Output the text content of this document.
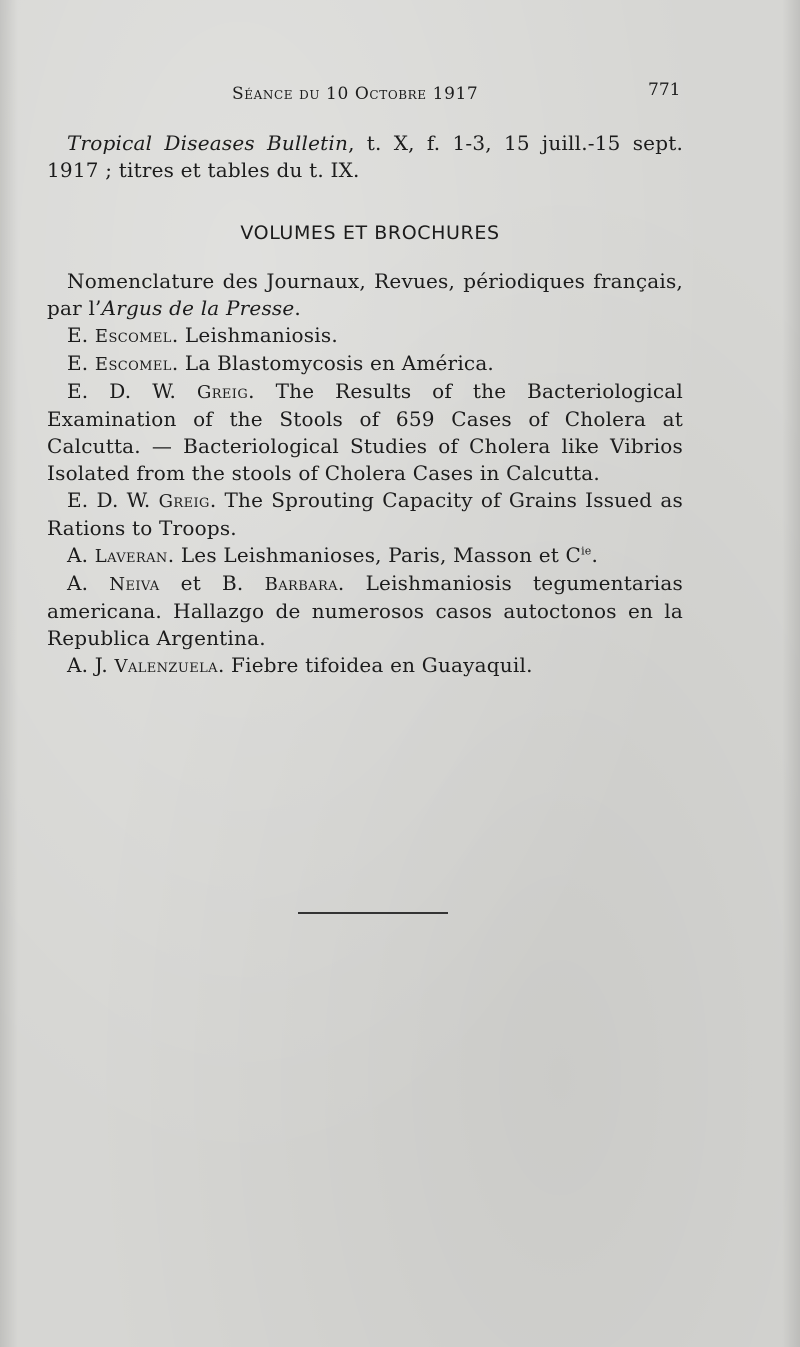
Séance du 10 Octobre 1917	771

Tropical Diseases Bulletin, t. X, f. 1-3, 15 juill.-15 sept. 1917 ; titres et tables du t. IX.

VOLUMES ET BROCHURES

Nomenclature des Journaux, Revues, périodiques français, par l’Argus de la Presse.

E. Escomel. Leishmaniosis.

E. Escomel. La Blastomycosis en América.

E. D. W. Greig. The Results of the Bacteriological Examination of the Stools of 659 Cases of Cholera at Calcutta. — Bacteriological Studies of Cholera like Vibrios Isolated from the stools of Cholera Cases in Calcutta.

E. D. W. Greig. The Sprouting Capacity of Grains Issued as Rations to Troops.

A. Laveran. Les Leishmanioses, Paris, Masson et $C^{ie}$.

A. Neiva et B. Barbara. Leishmaniosis tegumentarias americana. Hallazgo de numerosos casos autoctonos en la Republica Argentina.

A. J. Valenzuela. Fiebre tifoidea en Guayaquil.
